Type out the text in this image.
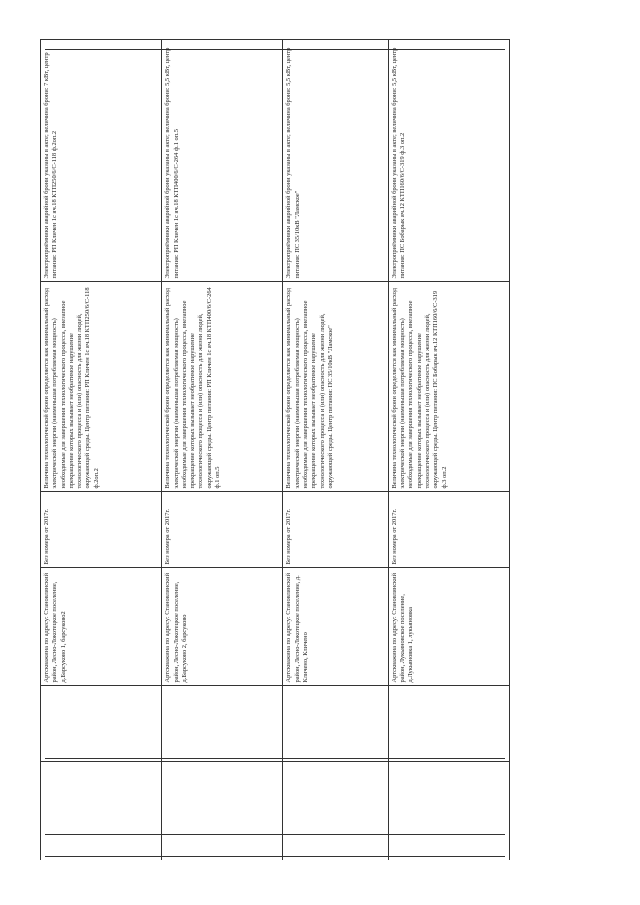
		Артскважина по адресу: Становлянский район, Лесно-Локотецкое поселение, д.Барсуково 1, барсуково2	Без номера от 2017г.	Величина технологической брони определяется как минимальный расход электрической энергии (наименьшая потребляемая мощность) необходимые для завершения технологического процесса, внезапное прекращение которых вызывает необратимое нарушение технологического процесса и (или) опасность для жизни людей, окружающей среды. Центр питания: РП Кличен 1с яч.18 КТП250/6/С-118 ф.2оп.2	Электроприёмники аварийной брони указаны в акте; величина брони: 7 кВт, центр питания: РП Кличен 1с яч.18 КТП250/6/С-118 ф.2оп.2
		Артскважина по адресу: Становлянский район, Лесно-Локотецкое поселение, д.Барсуково 2, барсуково	Без номера от 2017г.	Величина технологической брони определяется как минимальный расход электрической энергии (наименьшая потребляемая мощность) необходимые для завершения технологического процесса, внезапное прекращение которых вызывает необратимое нарушение технологического процесса и (или) опасность для жизни людей, окружающей среды. Центр питания: РП Кличен 1с яч.18 КТП400/6/С-264 ф.1 оп.5	Электроприёмники аварийной брони указаны в акте; величина брони: 5,5 кВт, центр питания: РП Кличен 1с яч.18 КТП400/6/С-264 ф.1 оп.5
		Артскважина по адресу: Становлянский район, Лесно-Локотецкое поселение, д. Кличено, Кличено	Без номера от 2017г.	Величина технологической брони определяется как минимальный расход электрической энергии (наименьшая потребляемая мощность) необходимые для завершения технологического процесса, внезапное прекращение которых вызывает необратимое нарушение технологического процесса и (или) опасность для жизни людей, окружающей среды. Центр питания: ПС 35/10кВ "Ламское"	Электроприёмники аварийной брони указаны в акте; величина брони: 5,5 кВт, центр питания: ПС 35/10кВ "Ламское"
		Артскважина по адресу: Становлянский район, Лукьяновское поселение, д.Лукьяновка 1, лукьяновка	Без номера от 2017г.	Величина технологической брони определяется как минимальный расход электрической энергии (наименьшая потребляемая мощность) необходимые для завершения технологического процесса, внезапное прекращение которых вызывает необратимое нарушение технологического процесса и (или) опасность для жизни людей, окружающей среды. Центр питания: ПС Бобарык яч.12 КТП160/6/С-319 ф.3 оп.2	Электроприёмники аварийной брони указаны в акте; величина брони: 5,5 кВт, центр питания: ПС Бобарык яч.12 КТП160/6/С-319 ф.3 оп.2
